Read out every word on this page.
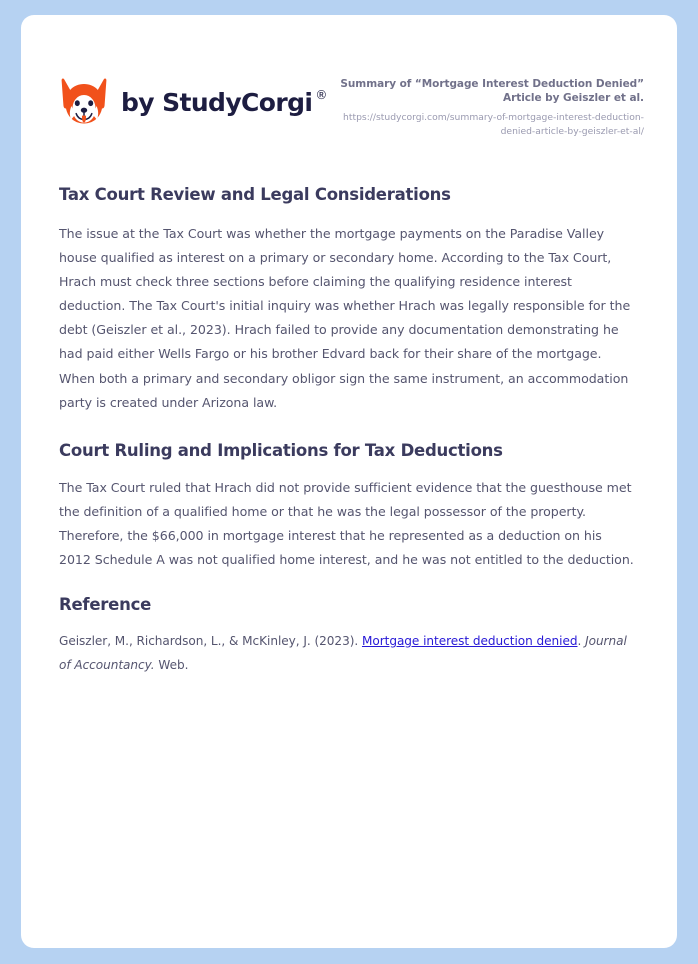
by StudyCorgi ®
Summary of “Mortgage Interest Deduction Denied”
Article by Geiszler et al.
https://studycorgi.com/summary-of-mortgage-interest-deduction-denied-article-by-geiszler-et-al/
Tax Court Review and Legal Considerations

The issue at the Tax Court was whether the mortgage payments on the Paradise Valley house qualified as interest on a primary or secondary home. According to the Tax Court, Hrach must check three sections before claiming the qualifying residence interest deduction. The Tax Court's initial inquiry was whether Hrach was legally responsible for the debt (Geiszler et al., 2023). Hrach failed to provide any documentation demonstrating he had paid either Wells Fargo or his brother Edvard back for their share of the mortgage. When both a primary and secondary obligor sign the same instrument, an accommodation party is created under Arizona law.

Court Ruling and Implications for Tax Deductions

The Tax Court ruled that Hrach did not provide sufficient evidence that the guesthouse met the definition of a qualified home or that he was the legal possessor of the property. Therefore, the $66,000 in mortgage interest that he represented as a deduction on his 2012 Schedule A was not qualified home interest, and he was not entitled to the deduction.

Reference

Geiszler, M., Richardson, L., & McKinley, J. (2023). Mortgage interest deduction denied. Journal of Accountancy. Web.
